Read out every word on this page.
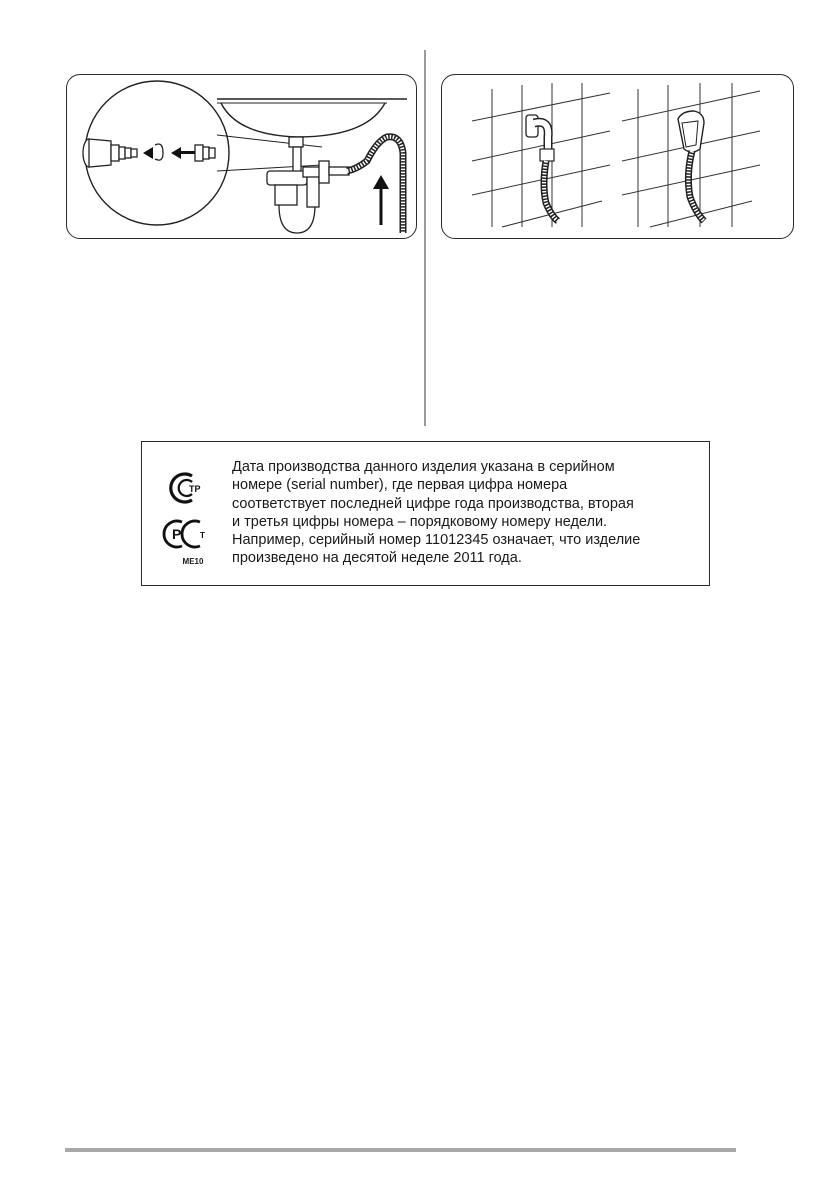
TP
P T
ME10

Дата производства данного изделия указана в серийном
номере (serial number), где первая цифра номера
соответствует последней цифре года производства, вторая
и третья цифры номера – порядковому номеру недели.
Например, серийный номер 11012345 означает, что изделие
произведено на десятой неделе 2011 года.
